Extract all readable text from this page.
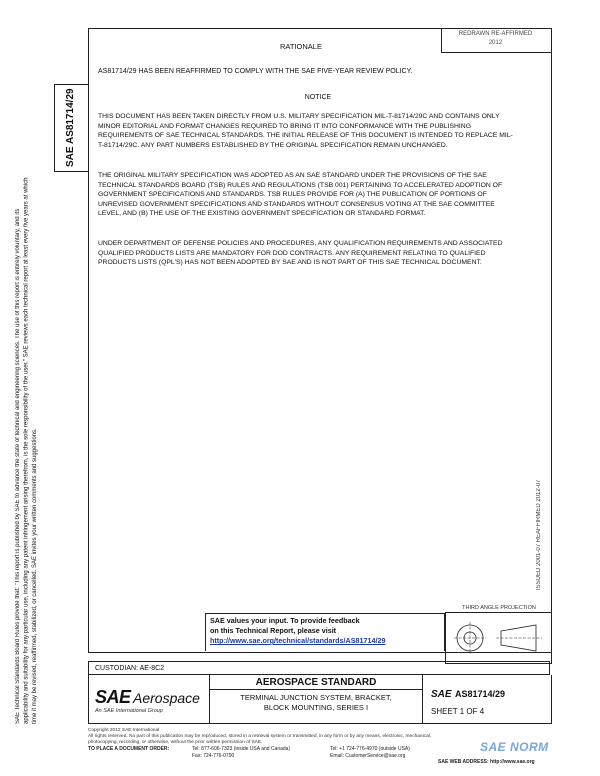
SAE AS81714/29
SAE Technical Standards Board Rules provide that: "This report is published by SAE to advance the state of technical and engineering sciences. The use of this report is entirely voluntary, and its applicability and suitability for any particular use, including any patent infringement arising therefrom, is the sole responsibility of the user." SAE reviews each technical report at least every five years at which time it may be revised, reaffirmed, stabilized, or cancelled. SAE invites your written comments and suggestions.	ISSUED 2001-07 REAFFIRMED 2012-07
REDRAWN RE-AFFIRMED
2012
RATIONALE
AS81714/29 HAS BEEN REAFFIRMED TO COMPLY WITH THE SAE FIVE-YEAR REVIEW POLICY.
NOTICE
THIS DOCUMENT HAS BEEN TAKEN DIRECTLY FROM U.S. MILITARY SPECIFICATION MIL-T-81714/29C AND CONTAINS ONLY MINOR EDITORIAL AND FORMAT CHANGES REQUIRED TO BRING IT INTO CONFORMANCE WITH THE PUBLISHING REQUIREMENTS OF SAE TECHNICAL STANDARDS. THE INITIAL RELEASE OF THIS DOCUMENT IS INTENDED TO REPLACE MIL-T-81714/29C. ANY PART NUMBERS ESTABLISHED BY THE ORIGINAL SPECIFICATION REMAIN UNCHANGED.
THE ORIGINAL MILITARY SPECIFICATION WAS ADOPTED AS AN SAE STANDARD UNDER THE PROVISIONS OF THE SAE TECHNICAL STANDARDS BOARD (TSB) RULES AND REGULATIONS (TSB 001) PERTAINING TO ACCELERATED ADOPTION OF GOVERNMENT SPECIFICATIONS AND STANDARDS. TSB RULES PROVIDE FOR (A) THE PUBLICATION OF PORTIONS OF UNREVISED GOVERNMENT SPECIFICATIONS AND STANDARDS WITHOUT CONSENSUS VOTING AT THE SAE COMMITTEE LEVEL, AND (B) THE USE OF THE EXISTING GOVERNMENT SPECIFICATION OR STANDARD FORMAT.
UNDER DEPARTMENT OF DEFENSE POLICIES AND PROCEDURES, ANY QUALIFICATION REQUIREMENTS AND ASSOCIATED QUALIFIED PRODUCTS LISTS ARE MANDATORY FOR DOD CONTRACTS. ANY REQUIREMENT RELATING TO QUALIFIED PRODUCTS LISTS (QPL'S) HAS NOT BEEN ADOPTED BY SAE AND IS NOT PART OF THIS SAE TECHNICAL DOCUMENT.
SAE values your input. To provide feedback
on this Technical Report, please visit
http://www.sae.org/technical/standards/AS81714/29
THIRD ANGLE PROJECTION
CUSTODIAN: AE-8C2
SAE Aerospace
An SAE International Group
AEROSPACE STANDARD
TERMINAL JUNCTION SYSTEM, BRACKET,
BLOCK MOUNTING, SERIES I
SAE AS81714/29
SHEET 1 OF 4
Copyright 2012 SAE International
All rights reserved. No part of this publication may be reproduced, stored in a retrieval system or transmitted, in any form or by any means, electronic, mechanical, photocopying, recording, or otherwise, without the prior written permission of SAE.
TO PLACE A DOCUMENT ORDER:	Tel: 877-606-7323 (inside USA and Canada)
Fax: 724-776-0790
Tel: +1 724-776-4970 (outside USA)
Email: CustomerService@sae.org
SAE WEB ADDRESS: http://www.sae.org
SAE NORM
